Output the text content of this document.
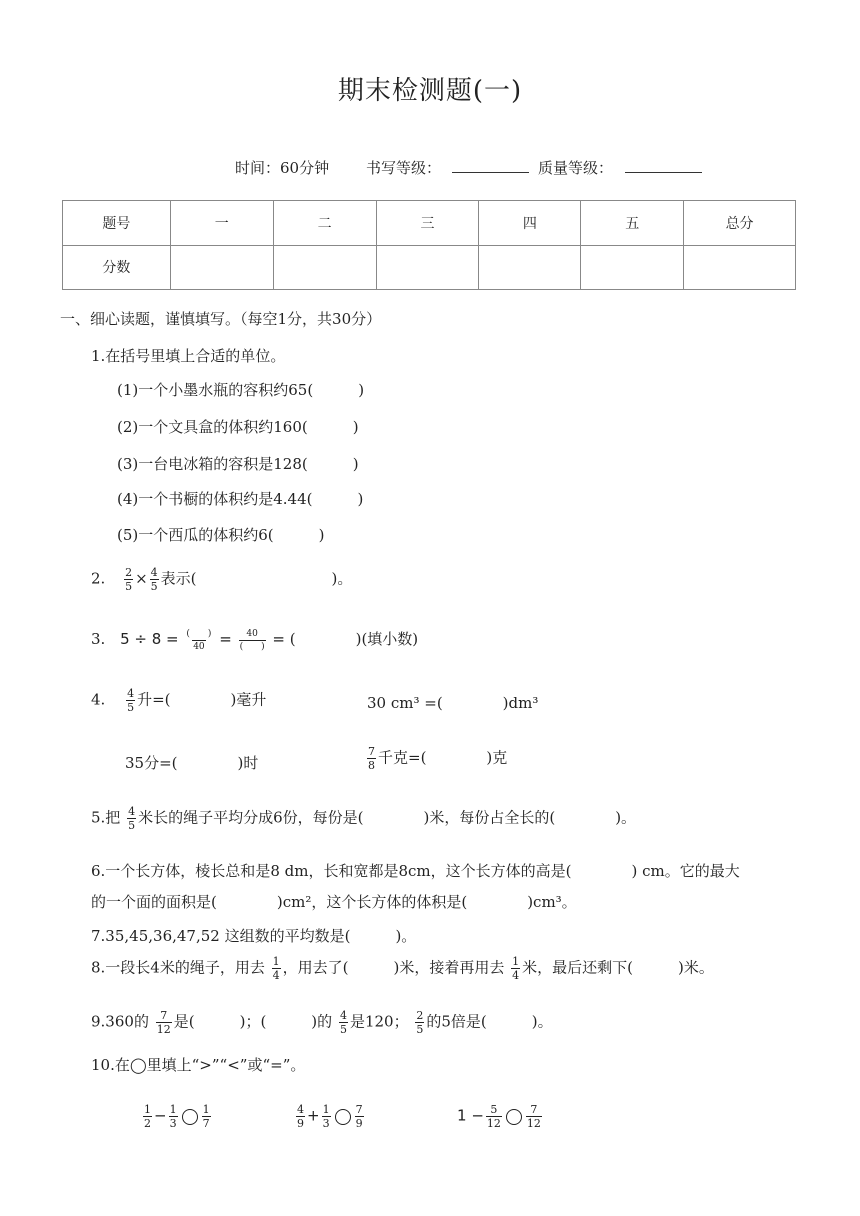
期末检测题(一)
时间：60分钟 书写等级：	质量等级：
题号	一	二	三	四	五	总分
分数						
一、细心读题，谨慎填写。（每空1分，共30分）
1.在括号里填上合适的单位。
(1)一个小墨水瓶的容积约65(　　　)
(2)一个文具盒的体积约160(　　　)
(3)一台电冰箱的容积是128(　　　)
(4)一个书橱的体积约是4.44(　　　)
(5)一个西瓜的体积约6(　　　)
2. $\frac{2}{5} \times \frac{4}{5}$ 表示(　　　　　　　　　)。
3. $5 \div 8 = \frac{( )}{40} = \frac{40}{( )}$ = (　　　　)(填小数)
4. $\frac{4}{5}$ 升=(　　　　)毫升	30 cm³ =(　　　　)dm³
35分=(　　　　)时	$\frac{7}{8}$ 千克=(　　　　)克
5.把 $\frac{4}{5}$ 米长的绳子平均分成6份，每份是(　　　　)米，每份占全长的(　　　　)。
6.一个长方体，棱长总和是8 dm，长和宽都是8cm，这个长方体的高是(　　　　) cm。它的最大
的一个面的面积是(　　　　)cm²，这个长方体的体积是(　　　　)cm³。
7.35,45,36,47,52 这组数的平均数是(　　　)。
8.一段长4米的绳子，用去 $\frac{1}{4}$ ，用去了(　　　)米，接着再用去 $\frac{1}{4}$ 米，最后还剩下(　　　)米。
9.360的 $\frac{7}{12}$ 是(　　　)；(　　　)的 $\frac{4}{5}$ 是120； $\frac{2}{5}$ 的5倍是(　　　)。
10.在◯里填上“>”“<”或“=”。
$\frac{1}{2} - \frac{1}{3} \frac{1}{7}$	$\frac{4}{9} + \frac{1}{3} \frac{7}{9}$	$1 - \frac{5}{12} \frac{7}{12}$
